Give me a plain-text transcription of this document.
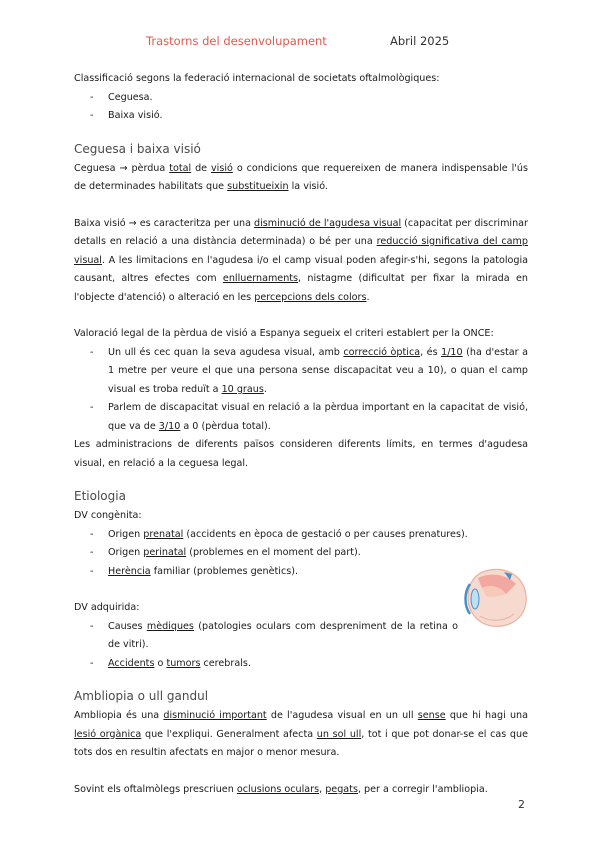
Trastorns del desenvolupament	Abril 2025

Classificació segons la federació internacional de societats oftalmològiques:

- Ceguesa.
- Baixa visió.
Ceguesa i baixa visió

Ceguesa → pèrdua total de visió o condicions que requereixen de manera indispensable l'ús de determinades habilitats que substitueixin la visió.

Baixa visió → es caracteritza per una disminució de l'agudesa visual (capacitat per discriminar detalls en relació a una distància determinada) o bé per una reducció significativa del camp visual. A les limitacions en l'agudesa i/o el camp visual poden afegir-s'hi, segons la patologia causant, altres efectes com enlluernaments, nistagme (dificultat per fixar la mirada en l'objecte d'atenció) o alteració en les percepcions dels colors.

Valoració legal de la pèrdua de visió a Espanya segueix el criteri establert per la ONCE:

- Un ull és cec quan la seva agudesa visual, amb correcció òptica, és 1/10 (ha d'estar a 1 metre per veure el que una persona sense discapacitat veu a 10), o quan el camp visual es troba reduït a 10 graus.
- Parlem de discapacitat visual en relació a la pèrdua important en la capacitat de visió, que va de 3/10 a 0 (pèrdua total).

Les administracions de diferents països consideren diferents límits, en termes d'agudesa visual, en relació a la ceguesa legal.

Etiologia

DV congènita:

- Origen prenatal (accidents en època de gestació o per causes prenatures).
- Origen perinatal (problemes en el moment del part).
- Herència familiar (problemes genètics).

DV adquirida:

- Causes mèdiques (patologies oculars com despreniment de la retina o de vitri).
- Accidents o tumors cerebrals.
Ambliopia o ull gandul

Ambliopia és una disminució important de l'agudesa visual en un ull sense que hi hagi una lesió orgànica que l'expliqui. Generalment afecta un sol ull, tot i que pot donar-se el cas que tots dos en resultin afectats en major o menor mesura.

Sovint els oftalmòlegs prescriuen oclusions oculars, pegats, per a corregir l'ambliopia.

2
